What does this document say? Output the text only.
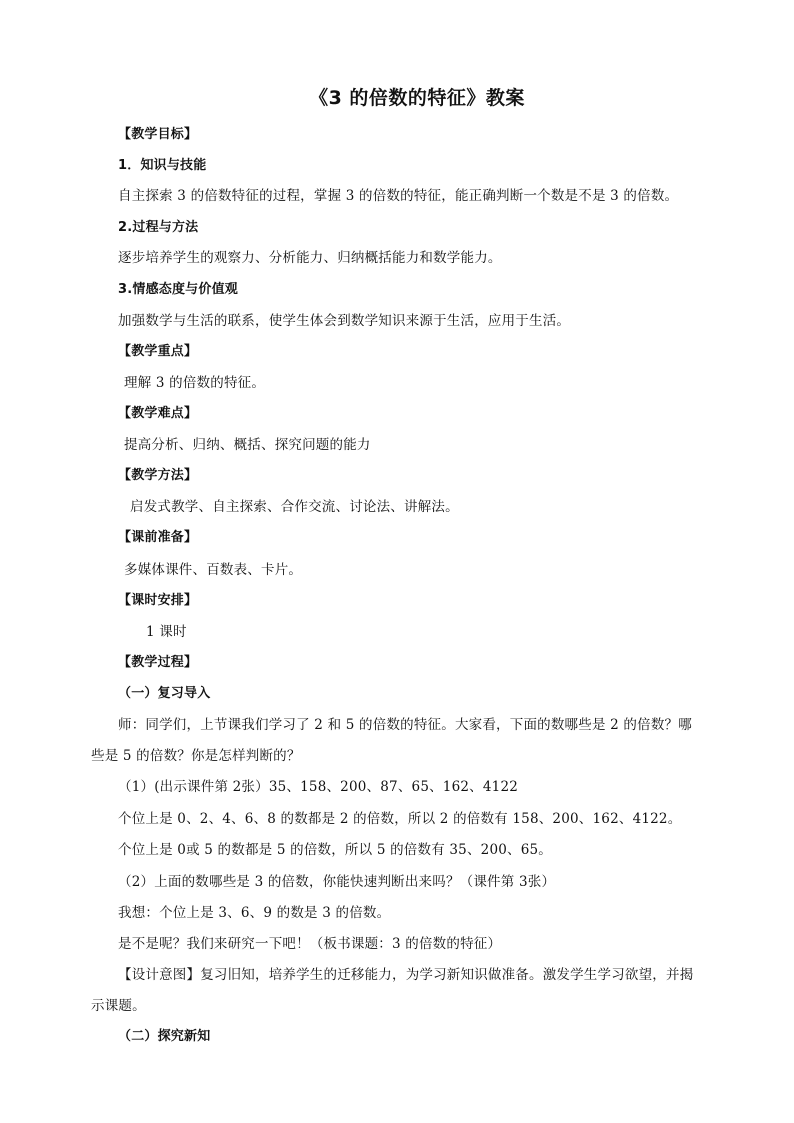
《3 的倍数的特征》教案
【教学目标】
1．知识与技能
自主探索 3 的倍数特征的过程，掌握 3 的倍数的特征，能正确判断一个数是不是 3 的倍数。
2.过程与方法
逐步培养学生的观察力、分析能力、归纳概括能力和数学能力。
3.情感态度与价值观
加强数学与生活的联系，使学生体会到数学知识来源于生活，应用于生活。
【教学重点】
理解 3 的倍数的特征。
【教学难点】
提高分析、归纳、概括、探究问题的能力
【教学方法】
启发式教学、自主探索、合作交流、讨论法、讲解法。
【课前准备】
多媒体课件、百数表、卡片。
【课时安排】
1 课时
【教学过程】
（一）复习导入
师：同学们，上节课我们学习了 2 和 5 的倍数的特征。大家看，下面的数哪些是 2 的倍数？哪
些是 5 的倍数？你是怎样判断的？
（1）(出示课件第 2张）35、158、200、87、65、162、4122
个位上是 0、2、4、6、8 的数都是 2 的倍数，所以 2 的倍数有 158、200、162、4122。
个位上是 0或 5 的数都是 5 的倍数，所以 5 的倍数有 35、200、65。
（2）上面的数哪些是 3 的倍数，你能快速判断出来吗？（课件第 3张）
我想：个位上是 3、6、9 的数是 3 的倍数。
是不是呢？我们来研究一下吧！（板书课题：3 的倍数的特征）
【设计意图】复习旧知，培养学生的迁移能力，为学习新知识做准备。激发学生学习欲望，并揭
示课题。
（二）探究新知
